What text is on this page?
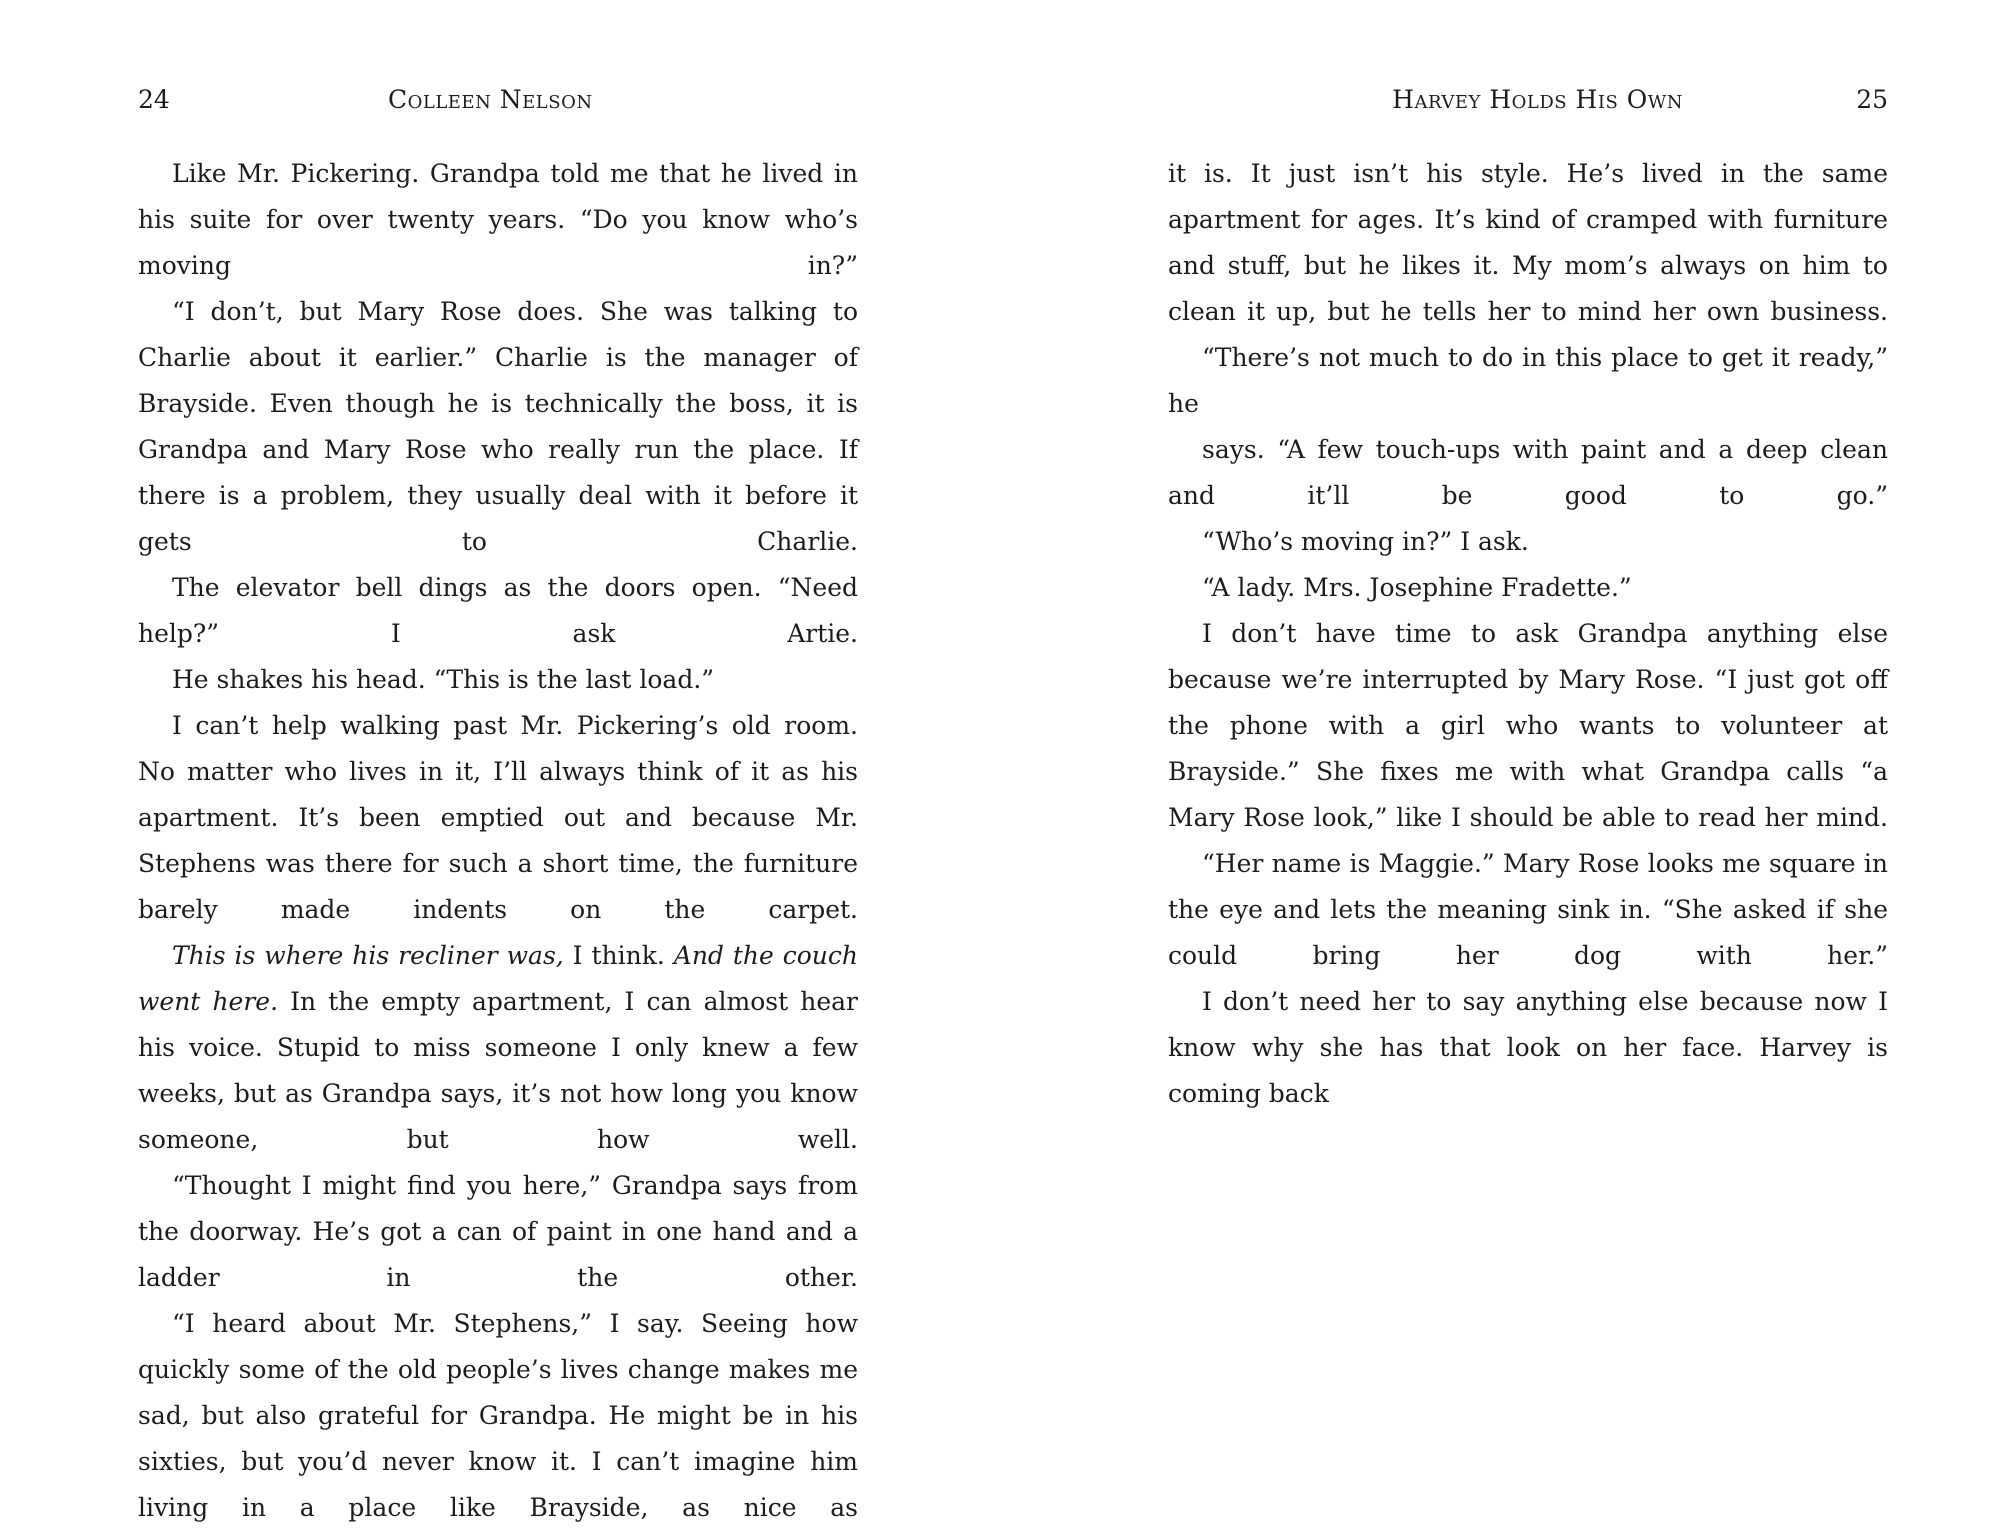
24	Colleen Nelson

Like Mr. Pickering. Grandpa told me that he lived in his suite for over twenty years. “Do you know who’s moving in?”

“I don’t, but Mary Rose does. She was talking to Charlie about it earlier.” Charlie is the manager of Brayside. Even though he is technically the boss, it is Grandpa and Mary Rose who really run the place. If there is a problem, they usually deal with it before it gets to Charlie.

The elevator bell dings as the doors open. “Need help?” I ask Artie.

He shakes his head. “This is the last load.”

I can’t help walking past Mr. Pickering’s old room. No matter who lives in it, I’ll always think of it as his apartment. It’s been emptied out and because Mr. Stephens was there for such a short time, the furniture barely made indents on the carpet.

This is where his recliner was, I think. And the couch went here. In the empty apartment, I can almost hear his voice. Stupid to miss someone I only knew a few weeks, but as Grandpa says, it’s not how long you know someone, but how well.

“Thought I might find you here,” Grandpa says from the doorway. He’s got a can of paint in one hand and a ladder in the other.

“I heard about Mr. Stephens,” I say. Seeing how quickly some of the old people’s lives change makes me sad, but also grateful for Grandpa. He might be in his sixties, but you’d never know it. I can’t imagine him living in a place like Brayside, as nice as

Harvey Holds His Own	25

it is. It just isn’t his style. He’s lived in the same apartment for ages. It’s kind of cramped with furniture and stuff, but he likes it. My mom’s always on him to clean it up, but he tells her to mind her own business.

“There’s not much to do in this place to get it ready,” he

says. “A few touch-ups with paint and a deep clean and it’ll be good to go.”

“Who’s moving in?” I ask.

“A lady. Mrs. Josephine Fradette.”

I don’t have time to ask Grandpa anything else because we’re interrupted by Mary Rose. “I just got off the phone with a girl who wants to volunteer at Brayside.” She fixes me with what Grandpa calls “a Mary Rose look,” like I should be able to read her mind.

“Her name is Maggie.” Mary Rose looks me square in the eye and lets the meaning sink in. “She asked if she could bring her dog with her.”

I don’t need her to say anything else because now I know why she has that look on her face. Harvey is coming back
